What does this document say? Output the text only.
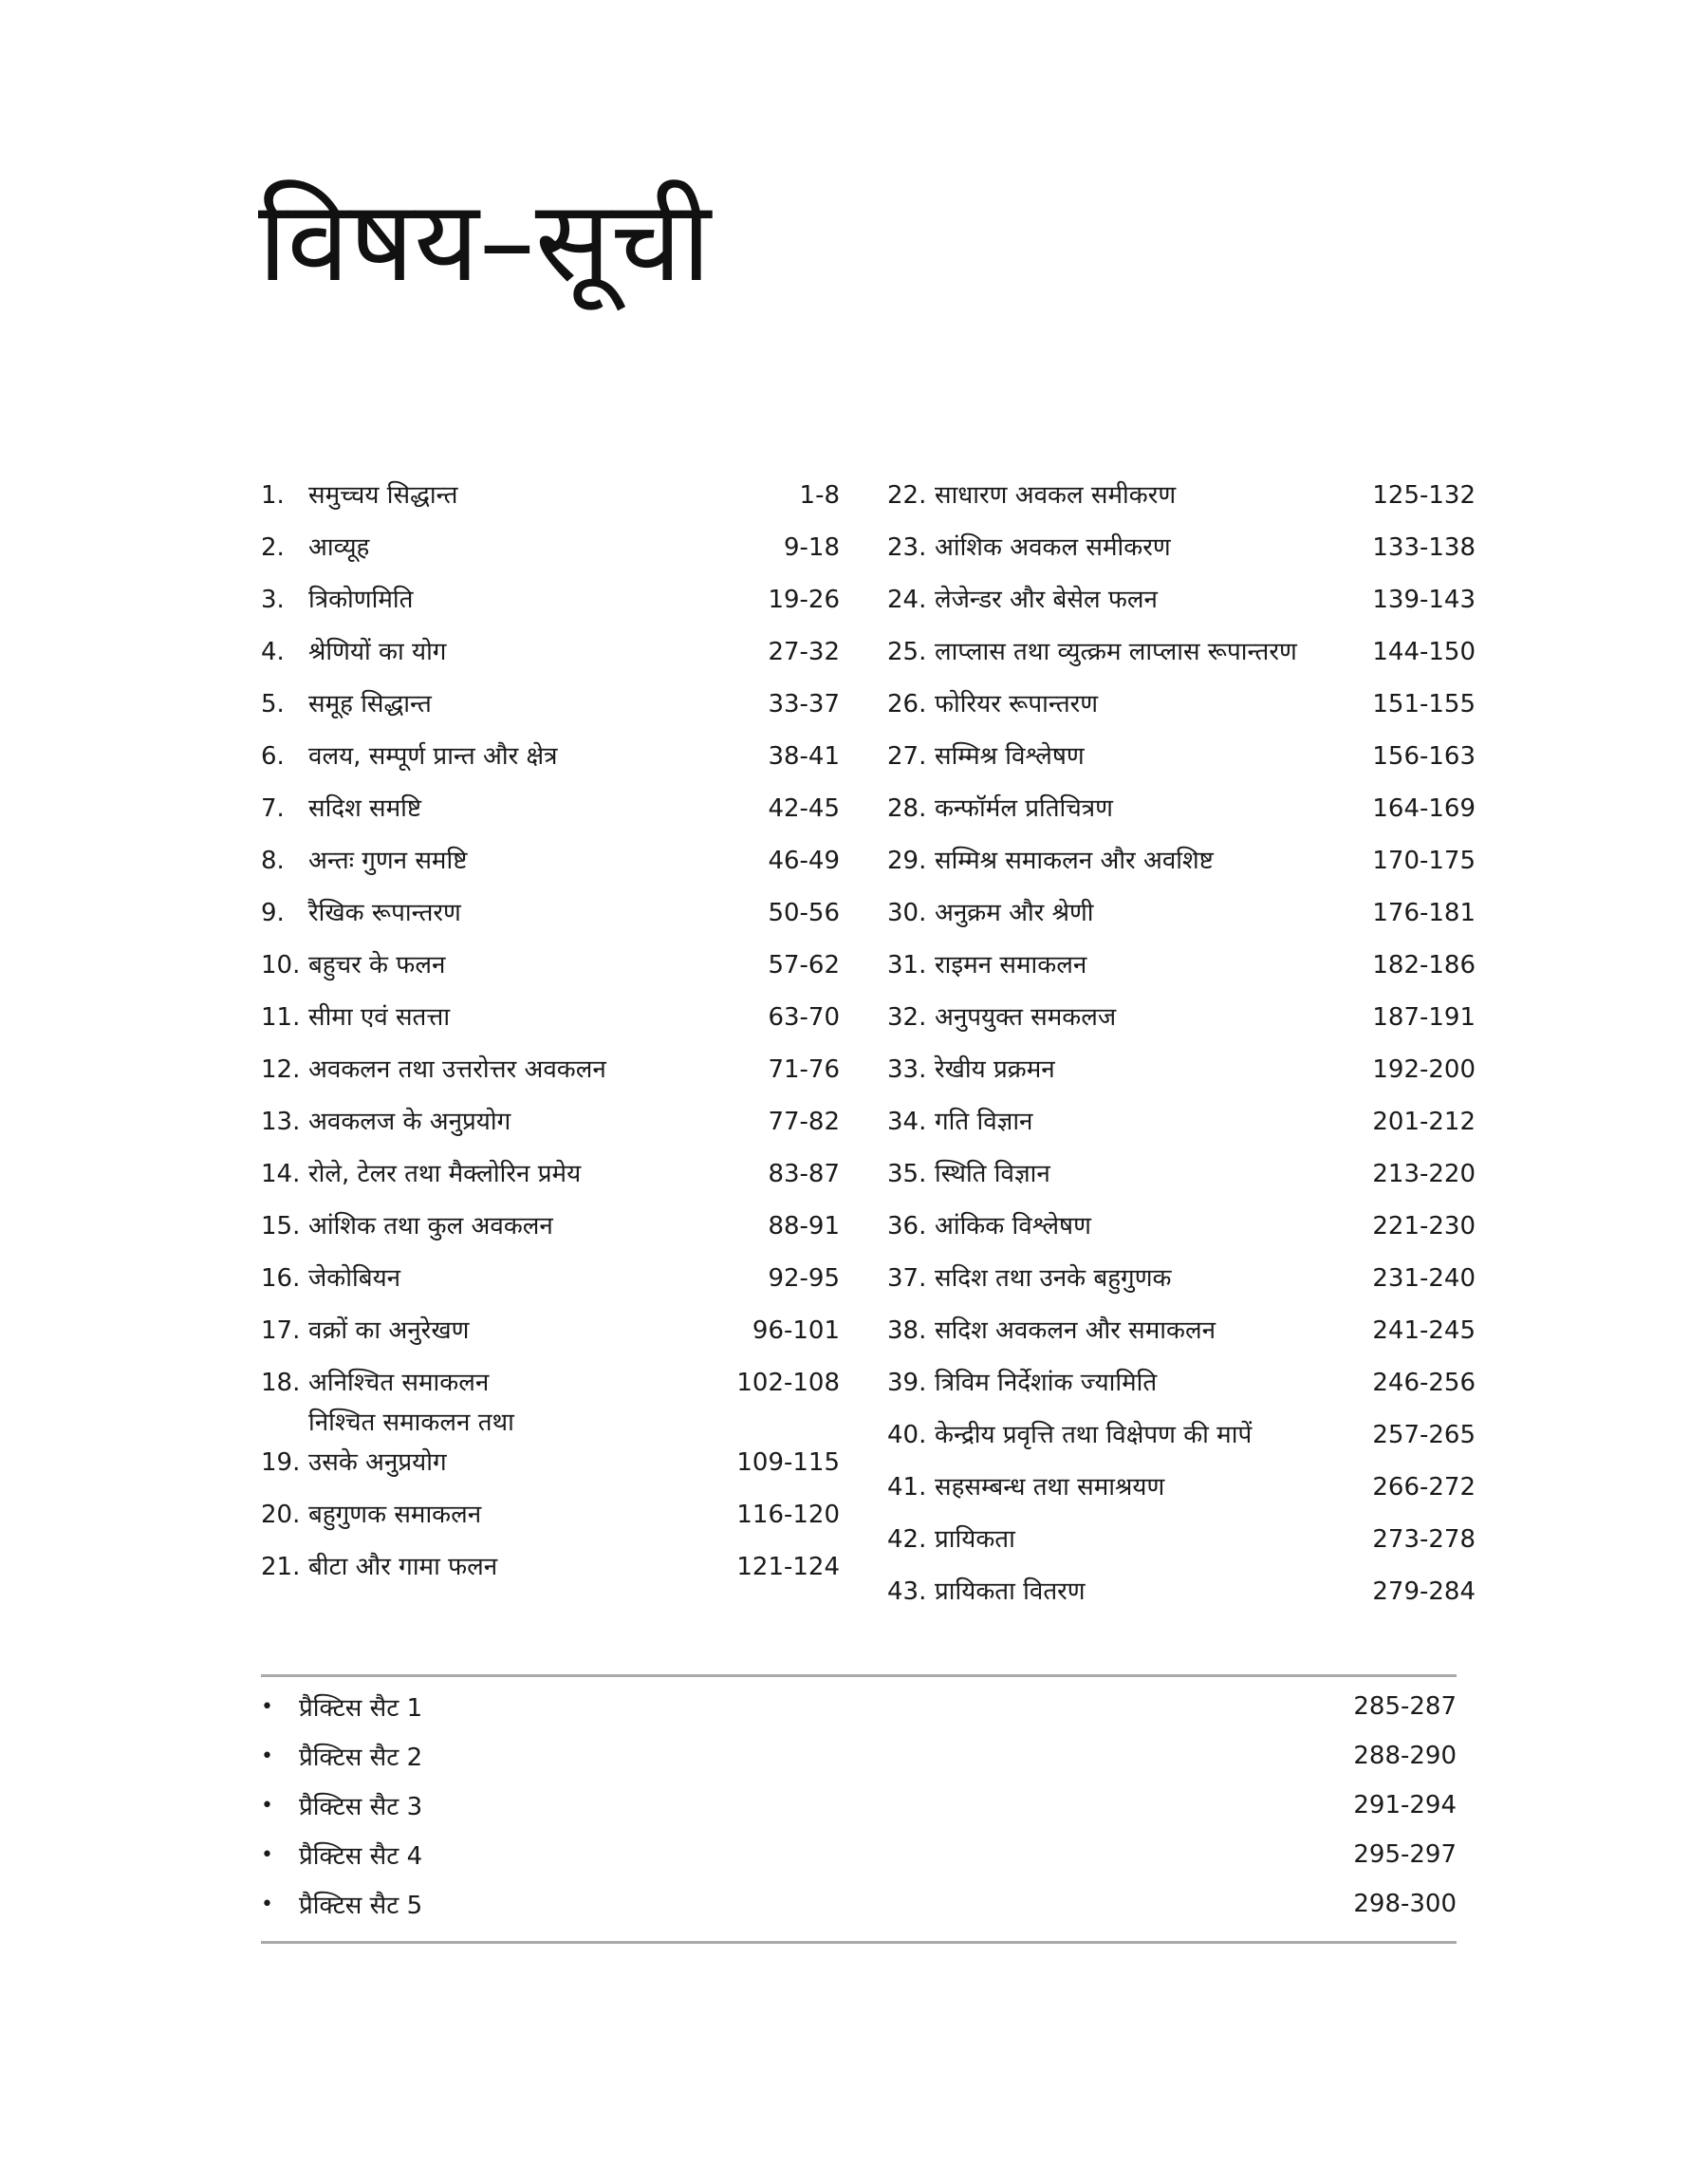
विषय–सूची
1. समुच्चय सिद्धान्त	1-8
2. आव्यूह	9-18
3. त्रिकोणमिति	19-26
4. श्रेणियों का योग	27-32
5. समूह सिद्धान्त	33-37
6. वलय, सम्पूर्ण प्रान्त और क्षेत्र	38-41
7. सदिश समष्टि	42-45
8. अन्तः गुणन समष्टि	46-49
9. रैखिक रूपान्तरण	50-56
10. बहुचर के फलन	57-62
11. सीमा एवं सतत्ता	63-70
12. अवकलन तथा उत्तरोत्तर अवकलन	71-76
13. अवकलज के अनुप्रयोग	77-82
14. रोले, टेलर तथा मैक्लोरिन प्रमेय	83-87
15. आंशिक तथा कुल अवकलन	88-91
16. जेकोबियन	92-95
17. वक्रों का अनुरेखण	96-101
18. अनिश्चित समाकलन	102-108
19.
निश्चित समाकलन तथा
उसके अनुप्रयोग	109-115
20. बहुगुणक समाकलन	116-120
21. बीटा और गामा फलन	121-124
22. साधारण अवकल समीकरण	125-132
23. आंशिक अवकल समीकरण	133-138
24. लेजेन्डर और बेसेल फलन	139-143
25. लाप्लास तथा व्युत्क्रम लाप्लास रूपान्तरण	144-150
26. फोरियर रूपान्तरण	151-155
27. सम्मिश्र विश्लेषण	156-163
28. कन्फॉर्मल प्रतिचित्रण	164-169
29. सम्मिश्र समाकलन और अवशिष्ट	170-175
30. अनुक्रम और श्रेणी	176-181
31. राइमन समाकलन	182-186
32. अनुपयुक्त समकलज	187-191
33. रेखीय प्रक्रमन	192-200
34. गति विज्ञान	201-212
35. स्थिति विज्ञान	213-220
36. आंकिक विश्लेषण	221-230
37. सदिश तथा उनके बहुगुणक	231-240
38. सदिश अवकलन और समाकलन	241-245
39. त्रिविम निर्देशांक ज्यामिति	246-256
40. केन्द्रीय प्रवृत्ति तथा विक्षेपण की मापें	257-265
41. सहसम्बन्ध तथा समाश्रयण	266-272
42. प्रायिकता	273-278
43. प्रायिकता वितरण	279-284
•	प्रैक्टिस सैट 1	285-287
•	प्रैक्टिस सैट 2	288-290
•	प्रैक्टिस सैट 3	291-294
•	प्रैक्टिस सैट 4	295-297
•	प्रैक्टिस सैट 5	298-300
